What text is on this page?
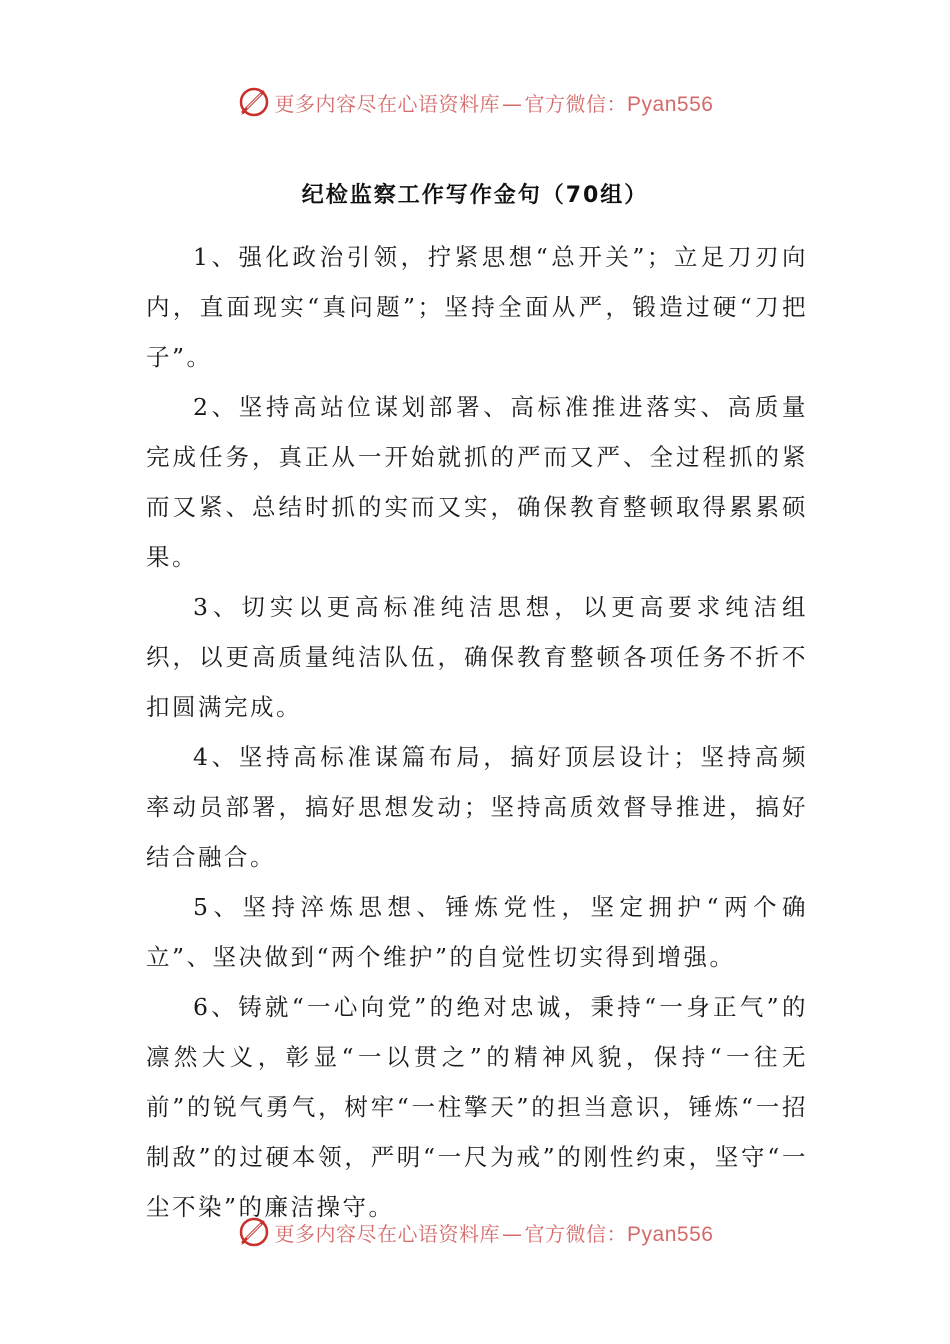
更多内容尽在心语资料库 — 官方微信：Pyan556
纪检监察工作写作金句（70组）

1、强化政治引领，拧紧思想“总开关”；立足刀刃向内，直面现实“真问题”；坚持全面从严，锻造过硬“刀把子”。

2、坚持高站位谋划部署、高标准推进落实、高质量完成任务，真正从一开始就抓的严而又严、全过程抓的紧而又紧、总结时抓的实而又实，确保教育整顿取得累累硕果。

3、切实以更高标准纯洁思想，以更高要求纯洁组织，以更高质量纯洁队伍，确保教育整顿各项任务不折不扣圆满完成。

4、坚持高标准谋篇布局，搞好顶层设计；坚持高频率动员部署，搞好思想发动；坚持高质效督导推进，搞好结合融合。

5、坚持淬炼思想、锤炼党性，坚定拥护“两个确立”、坚决做到“两个维护”的自觉性切实得到增强。

6、铸就“一心向党”的绝对忠诚，秉持“一身正气”的凛然大义，彰显“一以贯之”的精神风貌，保持“一往无前”的锐气勇气，树牢“一柱擎天”的担当意识，锤炼“一招制敌”的过硬本领，严明“一尺为戒”的刚性约束，坚守“一尘不染”的廉洁操守。

更多内容尽在心语资料库 — 官方微信：Pyan556
